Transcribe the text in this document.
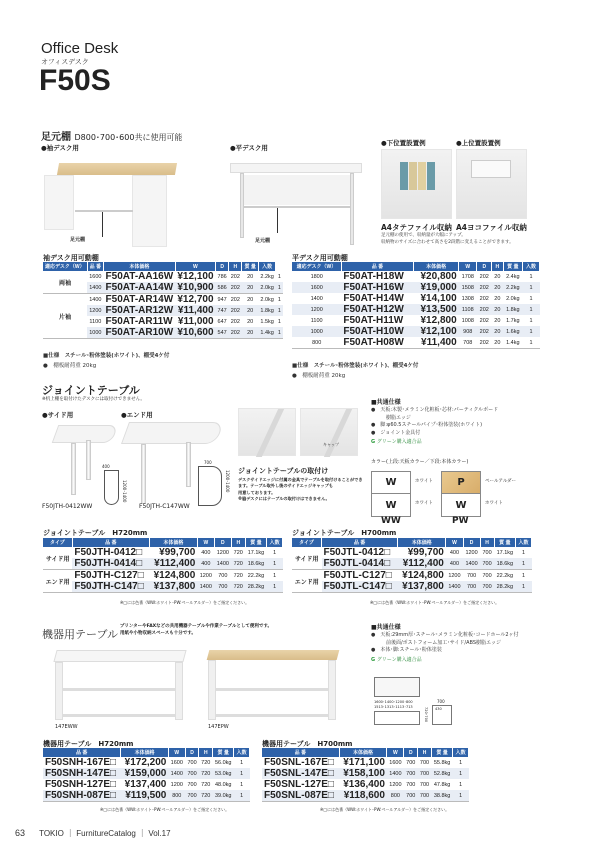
Office Desk
オフィスデスク
F50S
足元棚 D800･700･600共に使用可能
●袖デスク用	●平デスク用
足元棚	足元棚
●下位置設置例	●上位置設置例
A4タテファイル収納 A4ヨコファイル収納
足元棚の使用で、収納量が大幅にアップ。
収納物のサイズに合わせて高さを2段階に変えることができます。
袖デスク用可動棚
適応デスク（W）	品 番	本体価格	W	D	H	質 量	入数	
両袖	1600	F50AT-AA16W	¥12,100	786	202	20	2.2kg	1
	1400	F50AT-AA14W	¥10,900	586	202	20	2.0kg	1
片袖	1400	F50AT-AR14W	¥12,700	947	202	20	2.0kg	1
	1200	F50AT-AR12W	¥11,400	747	202	20	1.8kg	1
	1100	F50AT-AR11W	¥11,000	647	202	20	1.5kg	1
	1000	F50AT-AR10W	¥10,600	547	202	20	1.4kg	1
■仕様　スチール･粉体塗装(ホワイト)、棚受4ケ付
●　棚板耐荷重 20kg
平デスク用可動棚
適応デスク（W）	品 番	本体価格	W	D	H	質 量	入数
1800	F50AT-H18W	¥20,800	1708	202	20	2.4kg	1
1600	F50AT-H16W	¥19,000	1508	202	20	2.2kg	1
1400	F50AT-H14W	¥14,100	1308	202	20	2.0kg	1
1200	F50AT-H12W	¥13,500	1108	202	20	1.8kg	1
1100	F50AT-H11W	¥12,800	1008	202	20	1.7kg	1
1000	F50AT-H10W	¥12,100	908	202	20	1.6kg	1
800	F50AT-H08W	¥11,400	708	202	20	1.4kg	1
■仕様　スチール･粉体塗装(ホワイト)、棚受4ケ付
●　棚板耐荷重 20kg
ジョイントテーブル
※机上棚を取付けたデスクには取付けできません。
●サイド用	●エンド用
400
1200･1400
F50JTH-0412WW
700
1200･1400
F50JTH-C147WW
キャップ
ジョイントテーブルの取付け
デスクサイドエッジに付属の金具でテーブルを取付けることができます。テーブル取外し後のサイドエッジキャップも
用意しております。
※脇デスクにはテーブルの取付けはできません。
■共通仕様
●　天板:木製･メラミン化粧板･芯材:パーティクルボード
　　　樹脂エッジ
●　脚:φ60.5スチールパイプ･粉体塗装(ホワイト)
●　ジョイント金具付
G グリーン購入適合品
カラー(上段:天板カラー／下段:本体カラー)
W
W
ホワイト
ホワイト
WW
P
W
ペールアルダー
ホワイト
PW
ジョイントテーブル　H720mm
タイプ	品 番	本体価格	W	D	H	質 量	入数
サイド用	F50JTH-0412□	¥99,700	400	1200	720	17.1kg	1
	F50JTH-0414□	¥112,400	400	1400	720	18.6kg	1
エンド用	F50JTH-C127□	¥124,800	1200	700	720	22.2kg	1
	F50JTH-C147□	¥137,800	1400	700	720	28.2kg	1
※□には色番（WW:ホワイト･PW:ペールアルダー）をご指定ください。
ジョイントテーブル　H700mm
タイプ	品 番	本体価格	W	D	H	質 量	入数
サイド用	F50JTL-0412□	¥99,700	400	1200	700	17.1kg	1
	F50JTL-0414□	¥112,400	400	1400	700	18.6kg	1
エンド用	F50JTL-C127□	¥124,800	1200	700	700	22.2kg	1
	F50JTL-C147□	¥137,800	1400	700	700	28.2kg	1
※□には色番（WW:ホワイト･PW:ペールアルダー）をご指定ください。
機器用テーブル
プリンターやFAXなどの共用機器テーブルや作業テーブルとして便利です。
用紙や小物収納スペースも十分です。
147EWW	147EPW
■共通仕様
●　天板:29mm厚･スチール･メラミン化粧板･コードホール2ヶ付
　　　前後面/ポストフォーム加工･サイド/ABS樹脂エッジ
●　本体･脚:スチール･粉体塗装
G グリーン購入適合品
1600･1400･1200･800
1513･1313･1113･713
700
430
720･700
機器用テーブル　H720mm
品 番	本体価格	W	D	H	質 量	入数
F50SNH-167E□	¥172,200	1600	700	720	56.0kg	1
F50SNH-147E□	¥159,000	1400	700	720	53.0kg	1
F50SNH-127E□	¥137,400	1200	700	720	48.0kg	1
F50SNH-087E□	¥119,500	800	700	720	39.0kg	1
※□には色番（WW:ホワイト･PW:ペールアルダー）をご指定ください。
機器用テーブル　H700mm
品 番	本体価格	W	D	H	質 量	入数
F50SNL-167E□	¥171,100	1600	700	700	55.8kg	1
F50SNL-147E□	¥158,100	1400	700	700	52.8kg	1
F50SNL-127E□	¥136,400	1200	700	700	47.8kg	1
F50SNL-087E□	¥118,600	800	700	700	38.8kg	1
※□には色番（WW:ホワイト･PW:ペールアルダー）をご指定ください。
63 TOKIO ｜ FurnitureCatalog ｜ Vol.17
